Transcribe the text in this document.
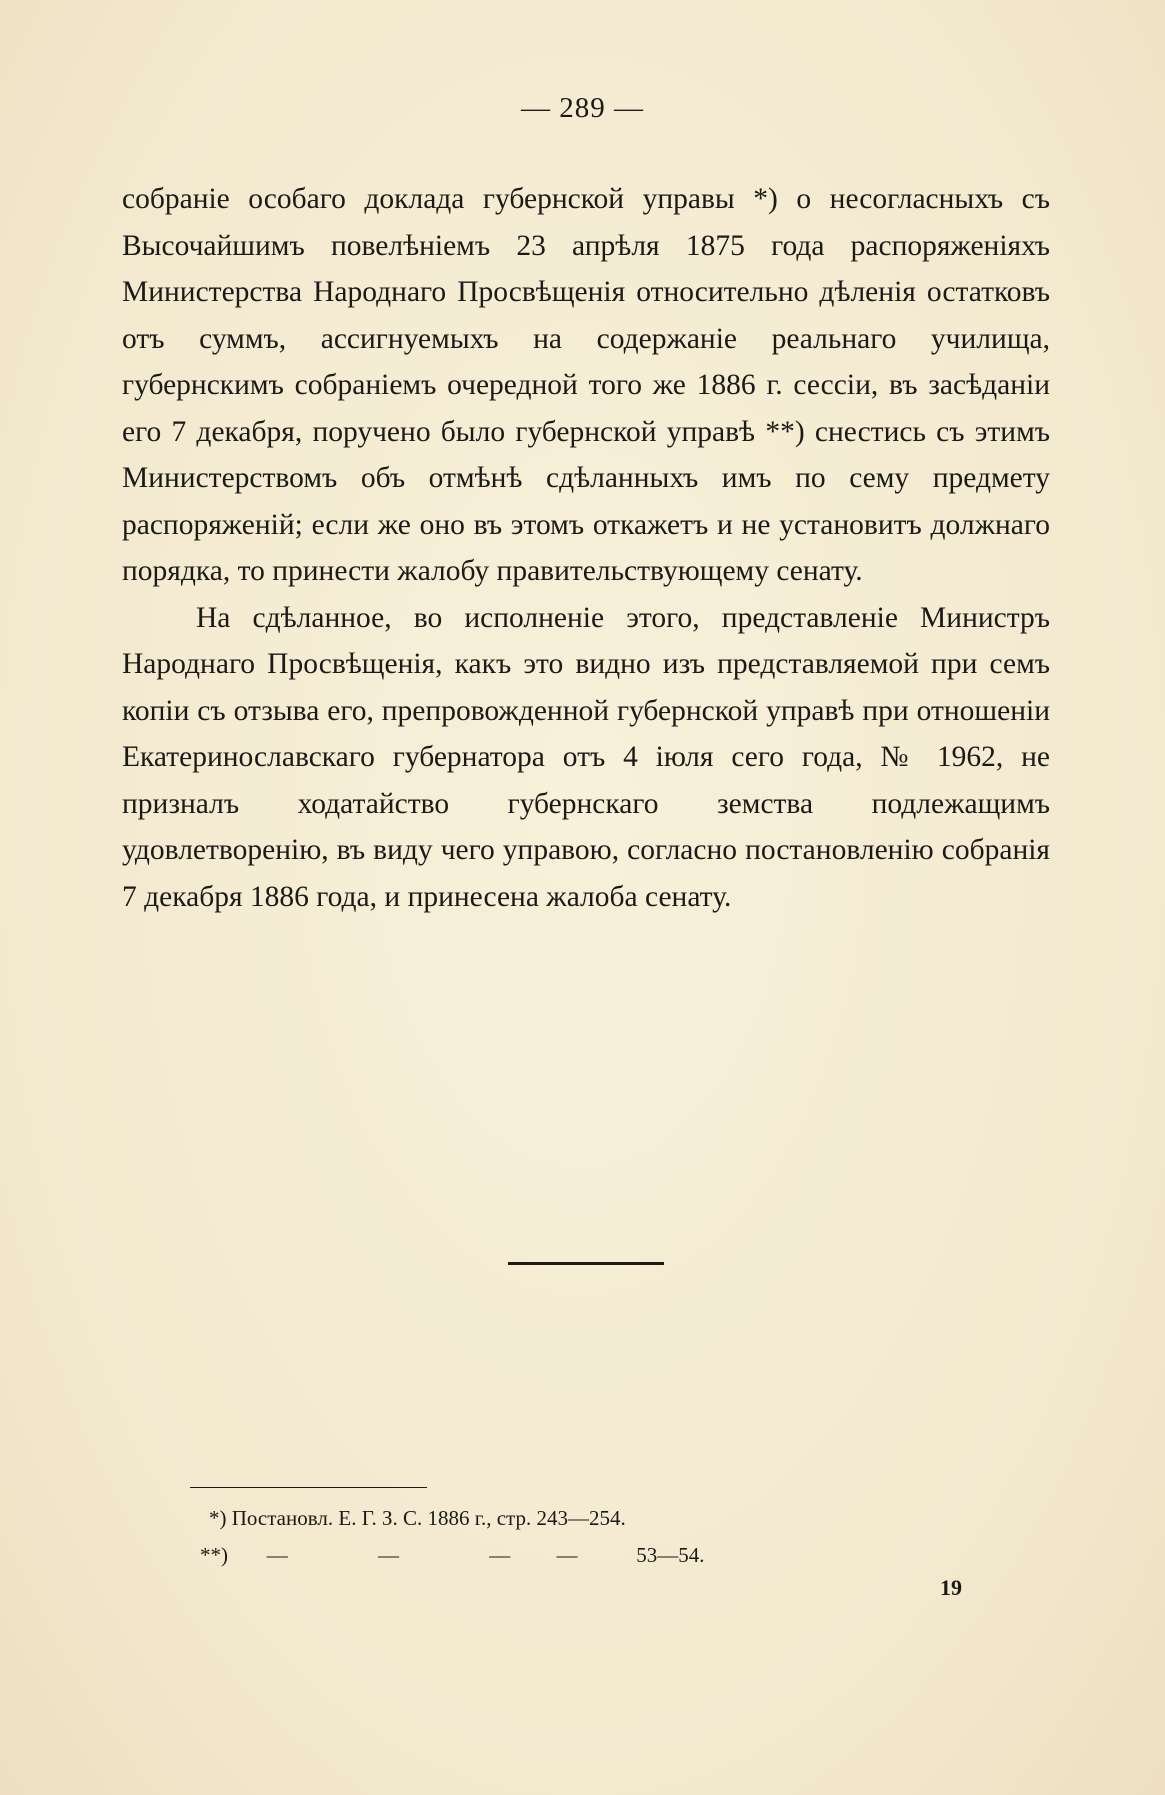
— 289 —

собраніе особаго доклада губернской управы *) о несогласныхъ съ Высочайшимъ повелѣніемъ 23 апрѣля 1875 года распоряженіяхъ Министерства Народнаго Просвѣщенія относительно дѣленія остатковъ отъ суммъ, ассигнуемыхъ на содержаніе реальнаго училища, губернскимъ собраніемъ очередной того же 1886 г. сессіи, въ засѣданіи его 7 декабря, поручено было губернской управѣ **) снестись съ этимъ Министерствомъ объ отмѣнѣ сдѣланныхъ имъ по сему предмету распоряженій; если же оно въ этомъ откажетъ и не установитъ должнаго порядка, то принести жалобу правительствующему сенату.

На сдѣланное, во исполненіе этого, представленіе Министръ Народнаго Просвѣщенія, какъ это видно изъ представляемой при семъ копіи съ отзыва его, препровожденной губернской управѣ при отношеніи Екатеринославскаго губернатора отъ 4 іюля сего года, № 1962, не призналъ ходатайство губернскаго земства подлежащимъ удовлетворенію, въ виду чего управою, согласно постановленію собранія 7 декабря 1886 года, и принесена жалоба сенату.

*) Постановл. Е. Г. З. С. 1886 г., стр. 243—254.
**) —	—	— —	53—54.
19
